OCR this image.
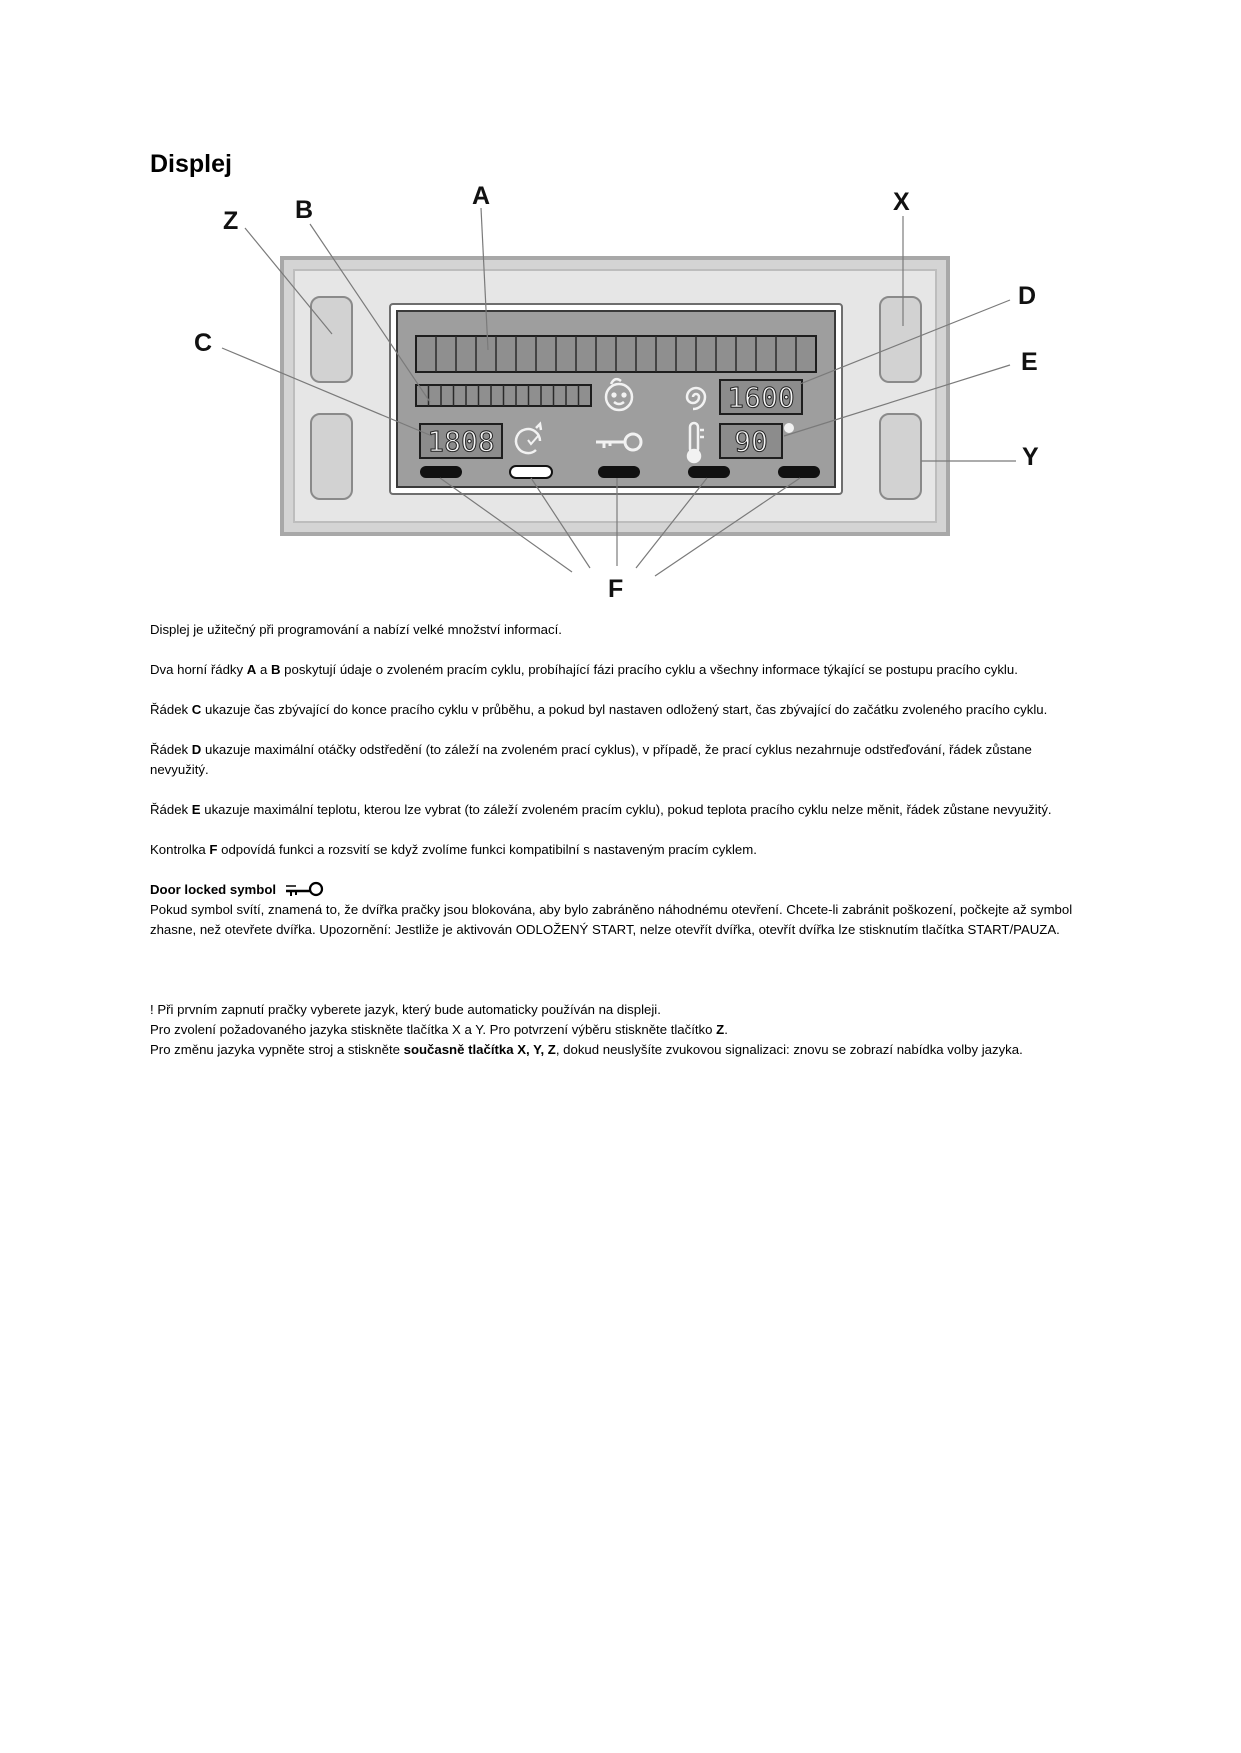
Displej
1600
1808	90
A
B
Z
C
X
D
E
Y
F

Displej je užitečný při programování a nabízí velké množství informací.

Dva horní řádky A a B poskytují údaje o zvoleném pracím cyklu, probíhající fázi pracího cyklu a všechny informace týkající se postupu pracího cyklu.

Řádek C ukazuje čas zbývající do konce pracího cyklu v průběhu, a pokud byl nastaven odložený start, čas zbývající do začátku zvoleného pracího cyklu.

Řádek D ukazuje maximální otáčky odstředění (to záleží na zvoleném prací cyklus), v případě, že prací cyklus nezahrnuje odstřeďování, řádek zůstane nevyužitý.

Řádek E ukazuje maximální teplotu, kterou lze vybrat (to záleží zvoleném pracím cyklu), pokud teplota pracího cyklu nelze měnit, řádek zůstane nevyužitý.

Kontrolka F odpovídá funkci a rozsvití se když zvolíme funkci kompatibilní s nastaveným pracím cyklem.

Door locked symbol

Pokud symbol svítí, znamená to, že dvířka pračky jsou blokována, aby bylo zabráněno náhodnému otevření. Chcete-li zabránit poškození, počkejte až symbol zhasne, než otevřete dvířka. Upozornění: Jestliže je aktivován ODLOŽENÝ START, nelze otevřít dvířka, otevřít dvířka lze stisknutím tlačítka START/PAUZA.

! Při prvním zapnutí pračky vyberete jazyk, který bude automaticky používán na displeji.

Pro zvolení požadovaného jazyka stiskněte tlačítka X a Y. Pro potvrzení výběru stiskněte tlačítko Z.

Pro změnu jazyka vypněte stroj a stiskněte současně tlačítka X, Y, Z, dokud neuslyšíte zvukovou signalizaci: znovu se zobrazí nabídka volby jazyka.
